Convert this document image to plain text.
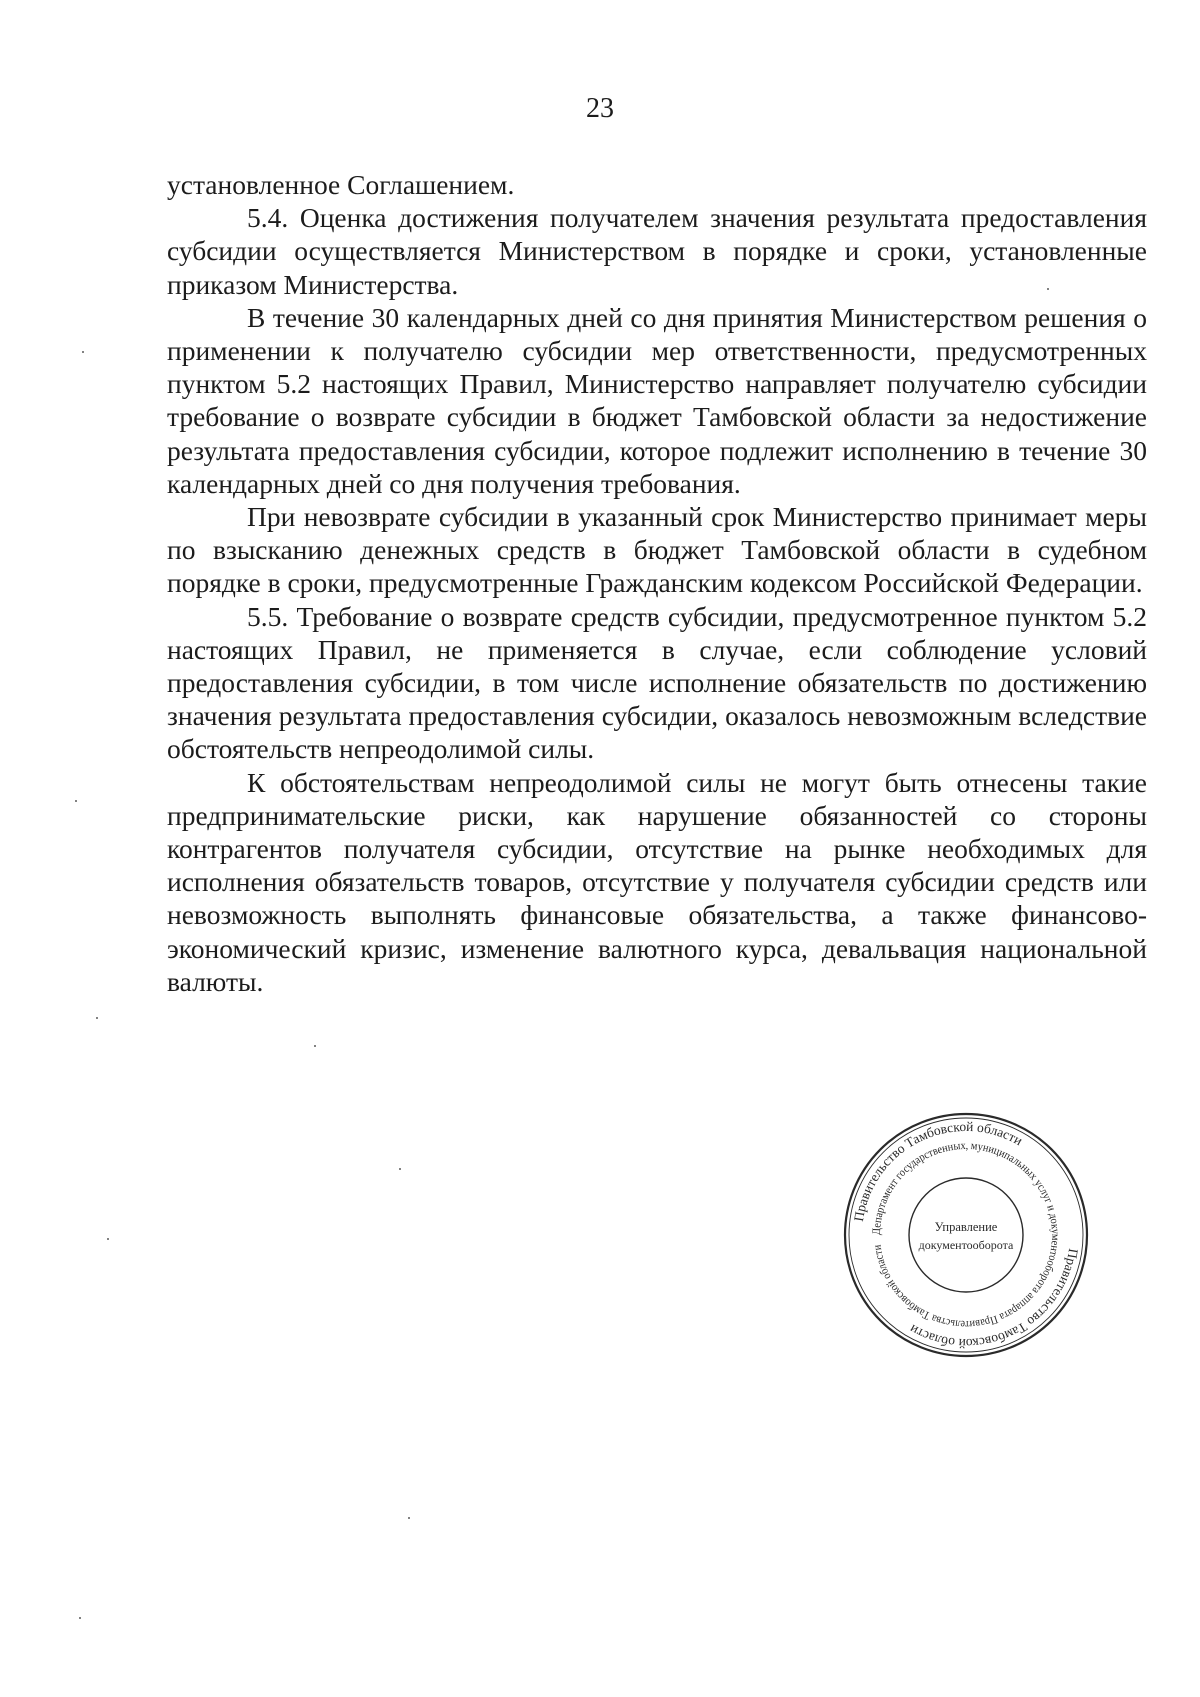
23

установленное Соглашением.

5.4. Оценка достижения получателем значения результата предоставления субсидии осуществляется Министерством в порядке и сроки, установленные приказом Министерства.

В течение 30 календарных дней со дня принятия Министерством решения о применении к получателю субсидии мер ответственности, предусмотренных пунктом 5.2 настоящих Правил, Министерство направляет получателю субсидии требование о возврате субсидии в бюджет Тамбовской области за недостижение результата предоставления субсидии, которое подлежит исполнению в течение 30 календарных дней со дня получения требования.

При невозврате субсидии в указанный срок Министерство принимает меры по взысканию денежных средств в бюджет Тамбовской области в судебном порядке в сроки, предусмотренные Гражданским кодексом Российской Федерации.

5.5. Требование о возврате средств субсидии, предусмотренное пунктом 5.2 настоящих Правил, не применяется в случае, если соблюдение условий предоставления субсидии, в том числе исполнение обязательств по достижению значения результата предоставления субсидии, оказалось невозможным вследствие обстоятельств непреодолимой силы.

К обстоятельствам непреодолимой силы не могут быть отнесены такие предпринимательские риски, как нарушение обязанностей со стороны контрагентов получателя субсидии, отсутствие на рынке необходимых для исполнения обязательств товаров, отсутствие у получателя субсидии средств или невозможность выполнять финансовые обязательства, а также финансово-экономический кризис, изменение валютного курса, девальвация национальной валюты.

Правительство Тамбовской области
Правительство Тамбовской области
Департамент государственных, муниципальных услуг и документооборота аппарата Правительства Тамбовской области
Управление
документооборота
